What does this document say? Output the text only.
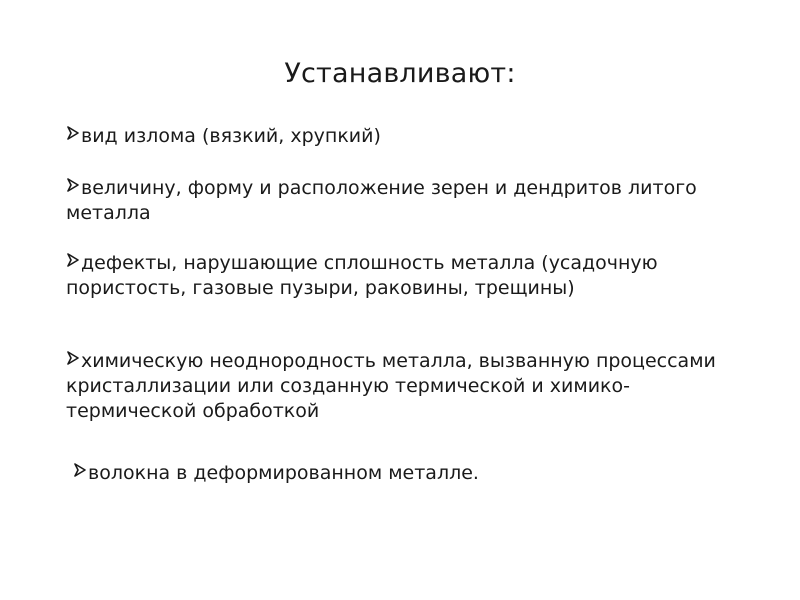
Устанавливают:
вид излома (вязкий, хрупкий)
величину, форму и расположение зерен и дендритов литого металла
дефекты, нарушающие сплошность металла (усадочную пористость, газовые пузыри, раковины, трещины)
химическую неоднородность металла, вызванную процессами кристаллизации или созданную термической и химико-термической обработкой
волокна в деформированном металле.
